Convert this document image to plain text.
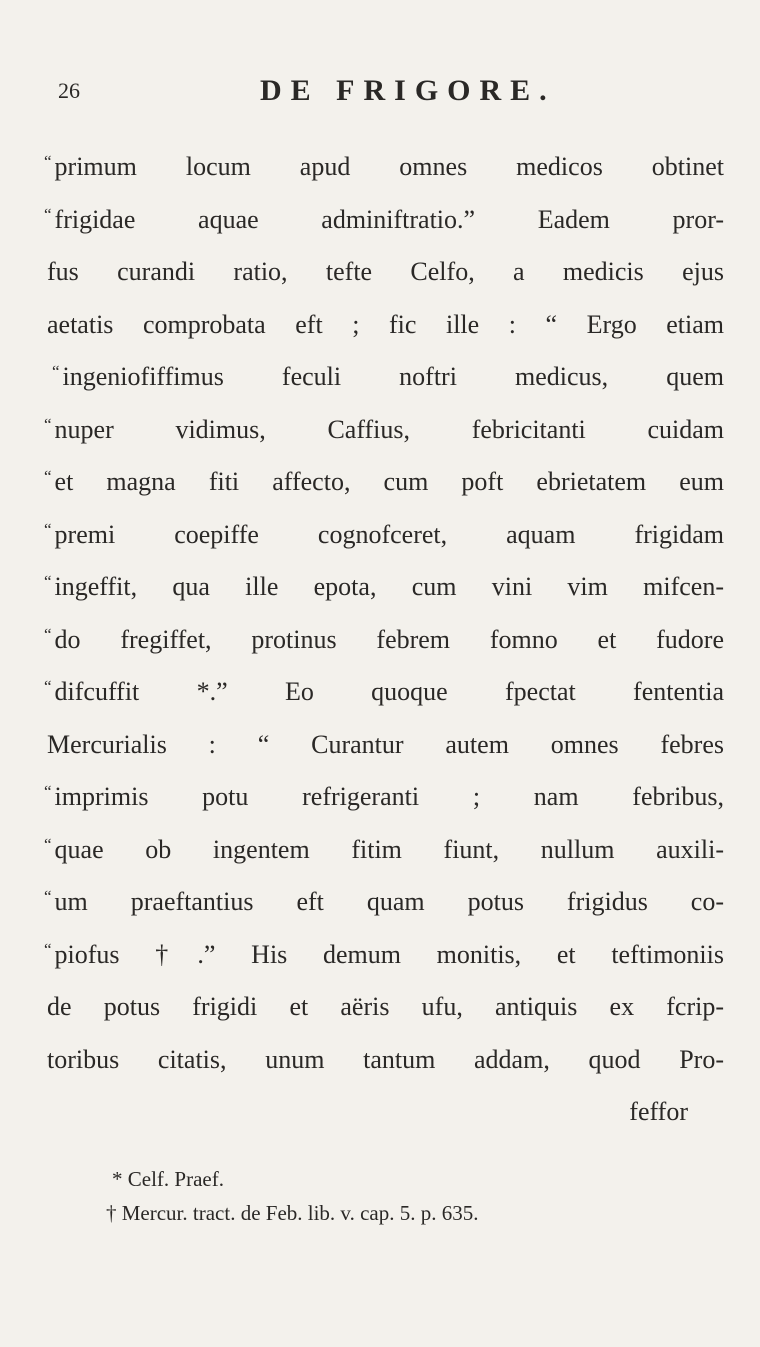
26	DE FRIGORE.
“ primum locum apud omnes medicos obtinet
“ frigidae aquae adminiftratio.” Eadem pror-
fus curandi ratio, tefte Celfo, a medicis ejus
aetatis comprobata eft ; fic ille : “ Ergo etiam
“ ingeniofiffimus feculi noftri medicus, quem
“ nuper vidimus, Caffius, febricitanti cuidam
“ et magna fiti affecto, cum poft ebrietatem eum
“ premi coepiffe cognofceret, aquam frigidam
“ ingeffit, qua ille epota, cum vini vim mifcen-
“ do fregiffet, protinus febrem fomno et fudore
“ difcuffit *.” Eo quoque fpectat fententia
Mercurialis : “ Curantur autem omnes febres
“ imprimis potu refrigeranti ; nam febribus,
“ quae ob ingentem fitim fiunt, nullum auxili-
“ um praeftantius eft quam potus frigidus co-
“ piofus †.” His demum monitis, et teftimoniis
de potus frigidi et aëris ufu, antiquis ex fcrip-
toribus citatis, unum tantum addam, quod Pro-
feffor
* Celf. Praef.
† Mercur. tract. de Feb. lib. v. cap. 5. p. 635.
